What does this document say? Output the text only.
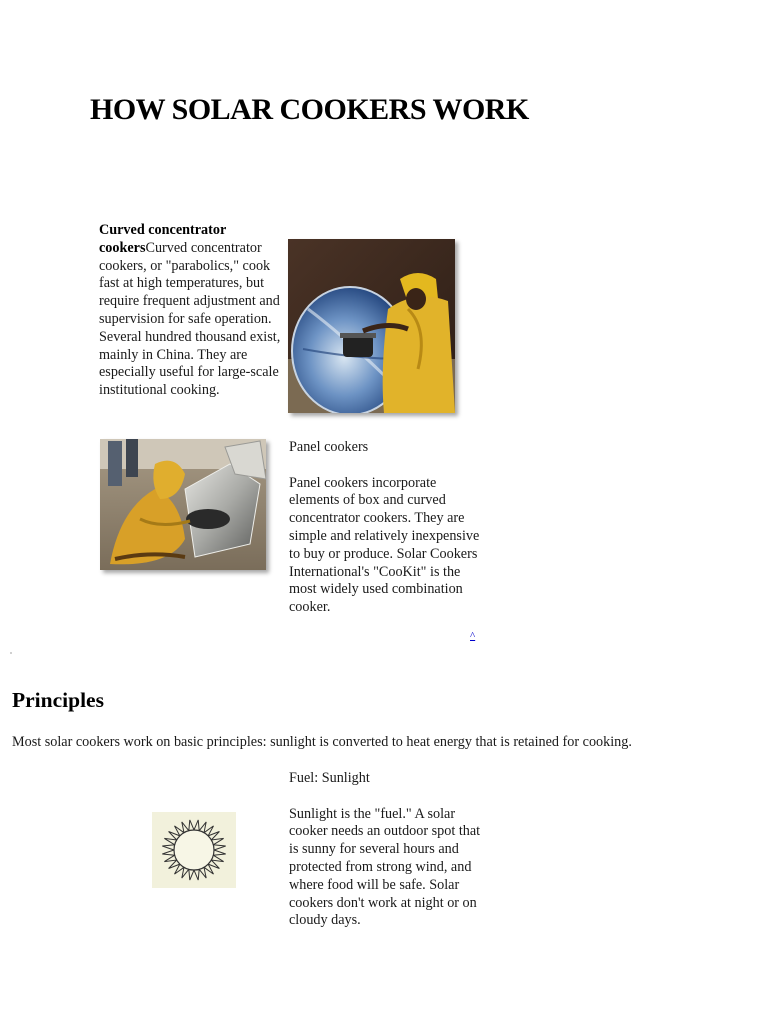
HOW SOLAR COOKERS WORK
Curved concentrator cookersCurved concentrator cookers, or "parabolics," cook fast at high temperatures, but require frequent adjustment and supervision for safe operation. Several hundred thousand exist, mainly in China. They are especially useful for large-scale institutional cooking.

Panel cookers

Panel cookers incorporate elements of box and curved concentrator cookers. They are simple and relatively inexpensive to buy or produce. Solar Cookers International's "CooKit" is the most widely used combination cooker.

^
Principles
Most solar cookers work on basic principles: sunlight is converted to heat energy that is retained for cooking.

Fuel: Sunlight

Sunlight is the "fuel." A solar cooker needs an outdoor spot that is sunny for several hours and protected from strong wind, and where food will be safe. Solar cookers don't work at night or on cloudy days.
